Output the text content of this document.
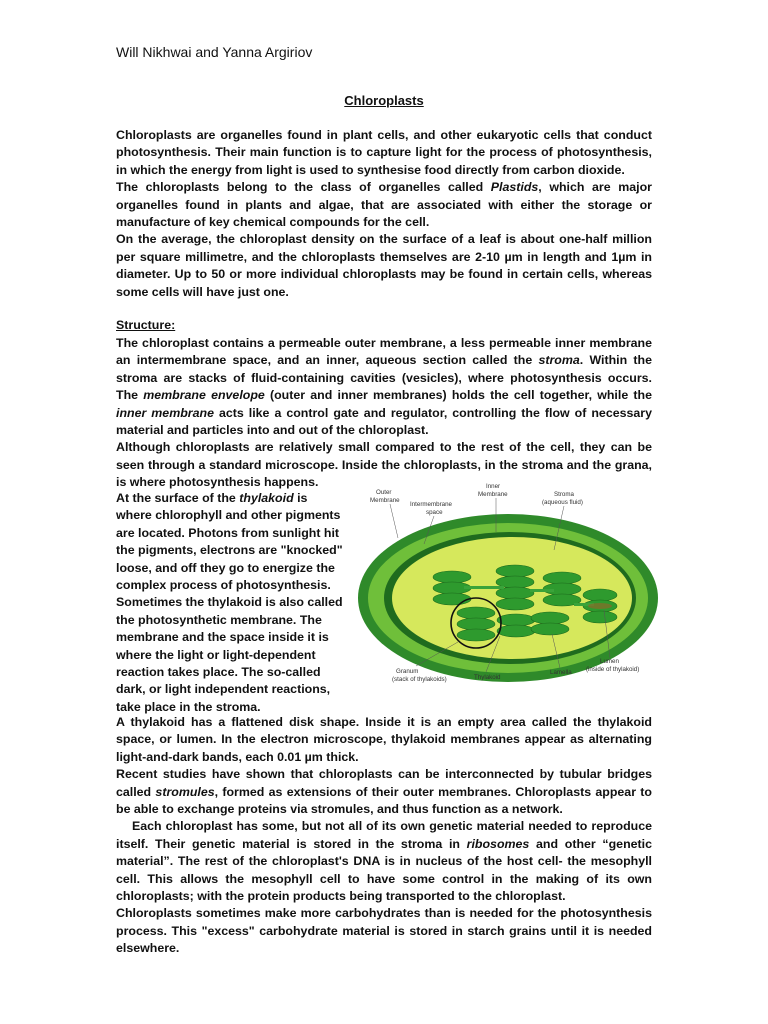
Will Nikhwai and Yanna Argiriov
Chloroplasts

Chloroplasts are organelles found in plant cells, and other eukaryotic cells that conduct photosynthesis. Their main function is to capture light for the process of photosynthesis, in which the energy from light is used to synthesise food directly from carbon dioxide.

The chloroplasts belong to the class of organelles called Plastids, which are major organelles found in plants and algae, that are associated with either the storage or manufacture of key chemical compounds for the cell.

On the average, the chloroplast density on the surface of a leaf is about one-half million per square millimetre, and the chloroplasts themselves are 2-10 µm in length and 1µm in diameter. Up to 50 or more individual chloroplasts may be found in certain cells, whereas some cells will have just one.

Structure:

The chloroplast contains a permeable outer membrane, a less permeable inner membrane an intermembrane space, and an inner, aqueous section called the stroma. Within the stroma are stacks of fluid-containing cavities (vesicles), where photosynthesis occurs. The membrane envelope (outer and inner membranes) holds the cell together, while the inner membrane acts like a control gate and regulator, controlling the flow of necessary material and particles into and out of the chloroplast.

Although chloroplasts are relatively small compared to the rest of the cell, they can be seen through a standard microscope. Inside the chloroplasts, in the stroma and the grana, is where photosynthesis happens.

At the surface of the thylakoid is where chlorophyll and other pigments are located. Photons from sunlight hit the pigments, electrons are "knocked" loose, and off they go to energize the complex process of photosynthesis. Sometimes the thylakoid is also called the photosynthetic membrane. The membrane and the space inside it is where the light or light-dependent reaction takes place. The so-called dark, or light independent reactions, take place in the stroma.
Outer
Membrane
Intermembrane
space
Inner
Membrane	Stroma
(aqueous fluid)
Granum
(stack of thylakoids)	Thylakoid
Lamella
Lumen
(inside of thylakoid)

A thylakoid has a flattened disk shape. Inside it is an empty area called the thylakoid space, or lumen. In the electron microscope, thylakoid membranes appear as alternating light-and-dark bands, each 0.01 µm thick.

Recent studies have shown that chloroplasts can be interconnected by tubular bridges called stromules, formed as extensions of their outer membranes. Chloroplasts appear to be able to exchange proteins via stromules, and thus function as a network.

Each chloroplast has some, but not all of its own genetic material needed to reproduce itself. Their genetic material is stored in the stroma in ribosomes and other “genetic material”. The rest of the chloroplast's DNA is in nucleus of the host cell- the mesophyll cell. This allows the mesophyll cell to have some control in the making of its own chloroplasts; with the protein products being transported to the chloroplast.

Chloroplasts sometimes make more carbohydrates than is needed for the photosynthesis process. This "excess" carbohydrate material is stored in starch grains until it is needed elsewhere.
